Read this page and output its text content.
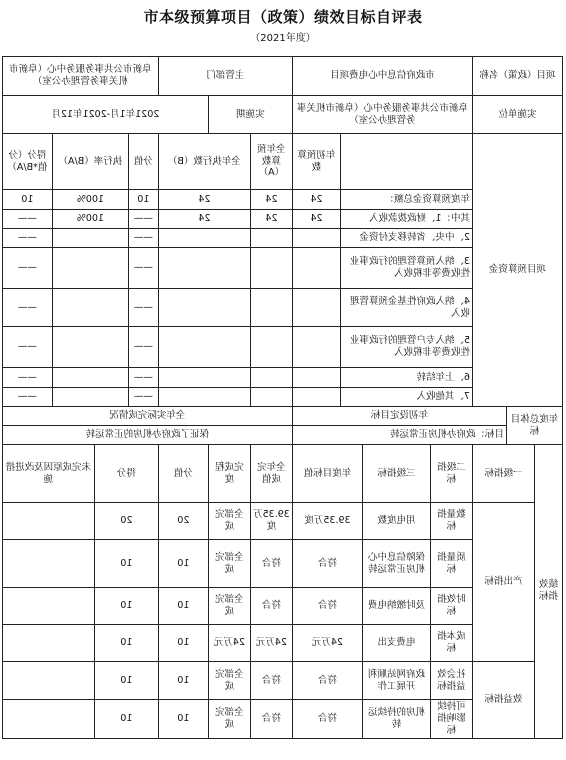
市本级预算项目（政策）绩效目标自评表
（2021年度）
项目（政策）名称			市政府信息中心电费项目				主管部门			阜新市公共事务服务中心（阜新市机关事务管理办公室）			
实施单位			阜新市公共事务服务中心（阜新市机关事务管理办公室）				实施期		2021年1月-2021年12月				
项目预算资金						年初预算数	全年预算数（A）	全年执行数（B）		分值	执行率（B/A）		得分（分值*B/A）
			年度预算资金总额：			24	24	24		10	100%		10
			其中：1、财政拨款收入			24	24	24		——	100%		——
			2、中央、省转移支付资金							——			——
			3、纳入预算管理的行政事业性收费等非税收入							——			——
			4、纳入政府性基金预算管理收入							——			——
			5、纳入专户管理的行政事业性收费等非税收入							——			——
			6、上年结转							——			——
			7、其他收入							——			——
年度总体目标		年初设定目标					全年实际完成情况						
		目标：政府办机房正常运转					保证了政府办机房的正常运转						
绩效指标	一级指标		二级指标	三级指标	年度目标值		全年完成值	完成程度	分值	得分		未完成原因及改进措施	
	产出指标		数量指标	用电度数	39.35万度		39.35万度	全部完成	20	20			
			质量指标	保障信息中心机房正常运转	符合		符合	全部完成	10	10			
			时效指标	及时缴纳电费	符合		符合	全部完成	10	10			
			成本指标	电费支出	24万元		24万元	24万元	10	10			
	效益指标		社会效益指标	政府网站顺利开展工作	符合		符合	全部完成	10	10			
			可持续影响指标	机房的持续运转	符合		符合	全部完成	10	10			
